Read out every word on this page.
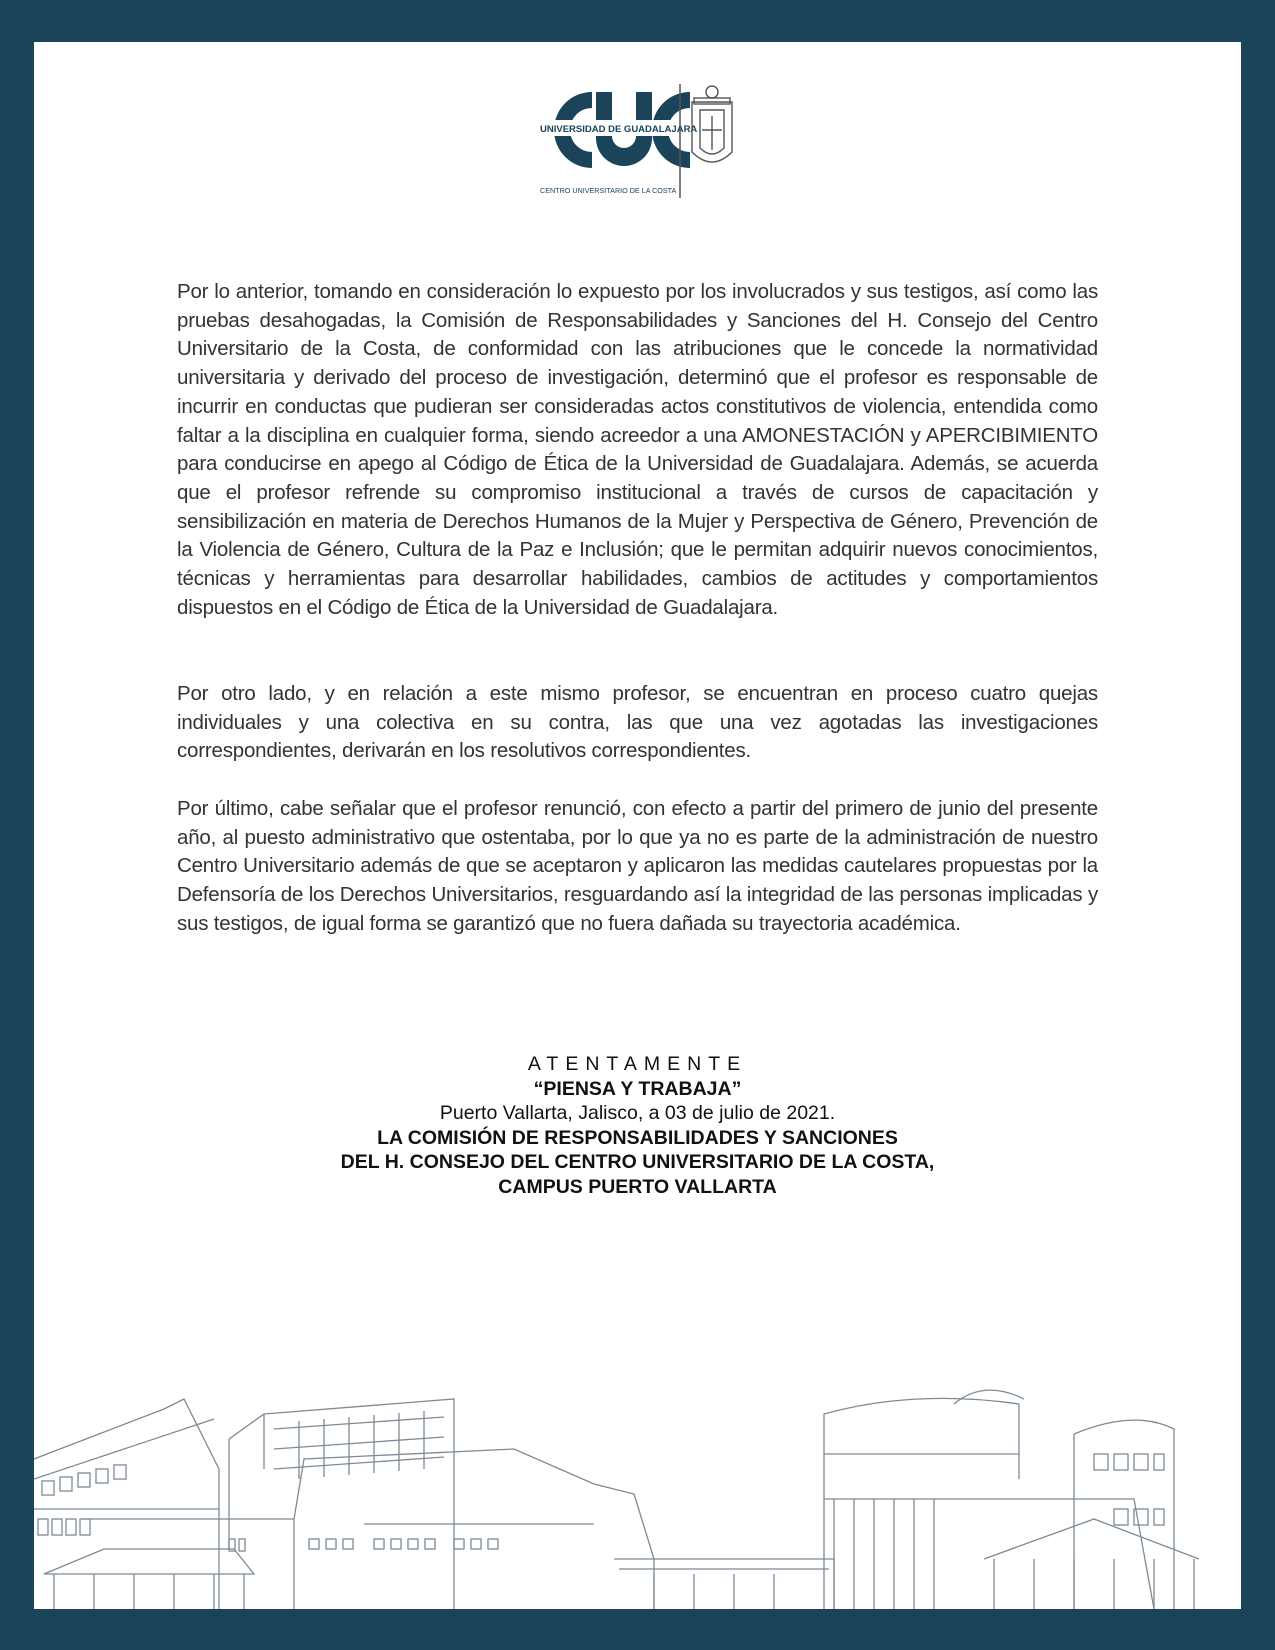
UNIVERSIDAD DE GUADALAJARA
CENTRO UNIVERSITARIO DE LA COSTA

Por lo anterior, tomando en consideración lo expuesto por los involucrados y sus testigos, así como las pruebas desahogadas, la Comisión de Responsabilidades y Sanciones del H. Consejo del Centro Universitario de la Costa, de conformidad con las atribuciones que le concede la normatividad universitaria y derivado del proceso de investigación, determinó que el profesor es responsable de incurrir en conductas que pudieran ser consideradas actos constitutivos de violencia, entendida como faltar a la disciplina en cualquier forma, siendo acreedor a una AMONESTACIÓN y APERCIBIMIENTO para conducirse en apego al Código de Ética de la Universidad de Guadalajara. Además, se acuerda que el profesor refrende su compromiso institucional a través de cursos de capacitación y sensibilización en materia de Derechos Humanos de la Mujer y Perspectiva de Género, Prevención de la Violencia de Género, Cultura de la Paz e Inclusión; que le permitan adquirir nuevos conocimientos, técnicas y herramientas para desarrollar habilidades, cambios de actitudes y comportamientos dispuestos en el Código de Ética de la Universidad de Guadalajara.

Por otro lado, y en relación a este mismo profesor, se encuentran en proceso cuatro quejas individuales y una colectiva en su contra, las que una vez agotadas las investigaciones correspondientes, derivarán en los resolutivos correspondientes.

Por último, cabe señalar que el profesor renunció, con efecto a partir del primero de junio del presente año, al puesto administrativo que ostentaba, por lo que ya no es parte de la administración de nuestro Centro Universitario además de que se aceptaron y aplicaron las medidas cautelares propuestas por la Defensoría de los Derechos Universitarios, resguardando así la integridad de las personas implicadas y sus testigos, de igual forma se garantizó que no fuera dañada su trayectoria académica.

ATENTAMENTE
“PIENSA Y TRABAJA”
Puerto Vallarta, Jalisco, a 03 de julio de 2021.
LA COMISIÓN DE RESPONSABILIDADES Y SANCIONES
DEL H. CONSEJO DEL CENTRO UNIVERSITARIO DE LA COSTA,
CAMPUS PUERTO VALLARTA
